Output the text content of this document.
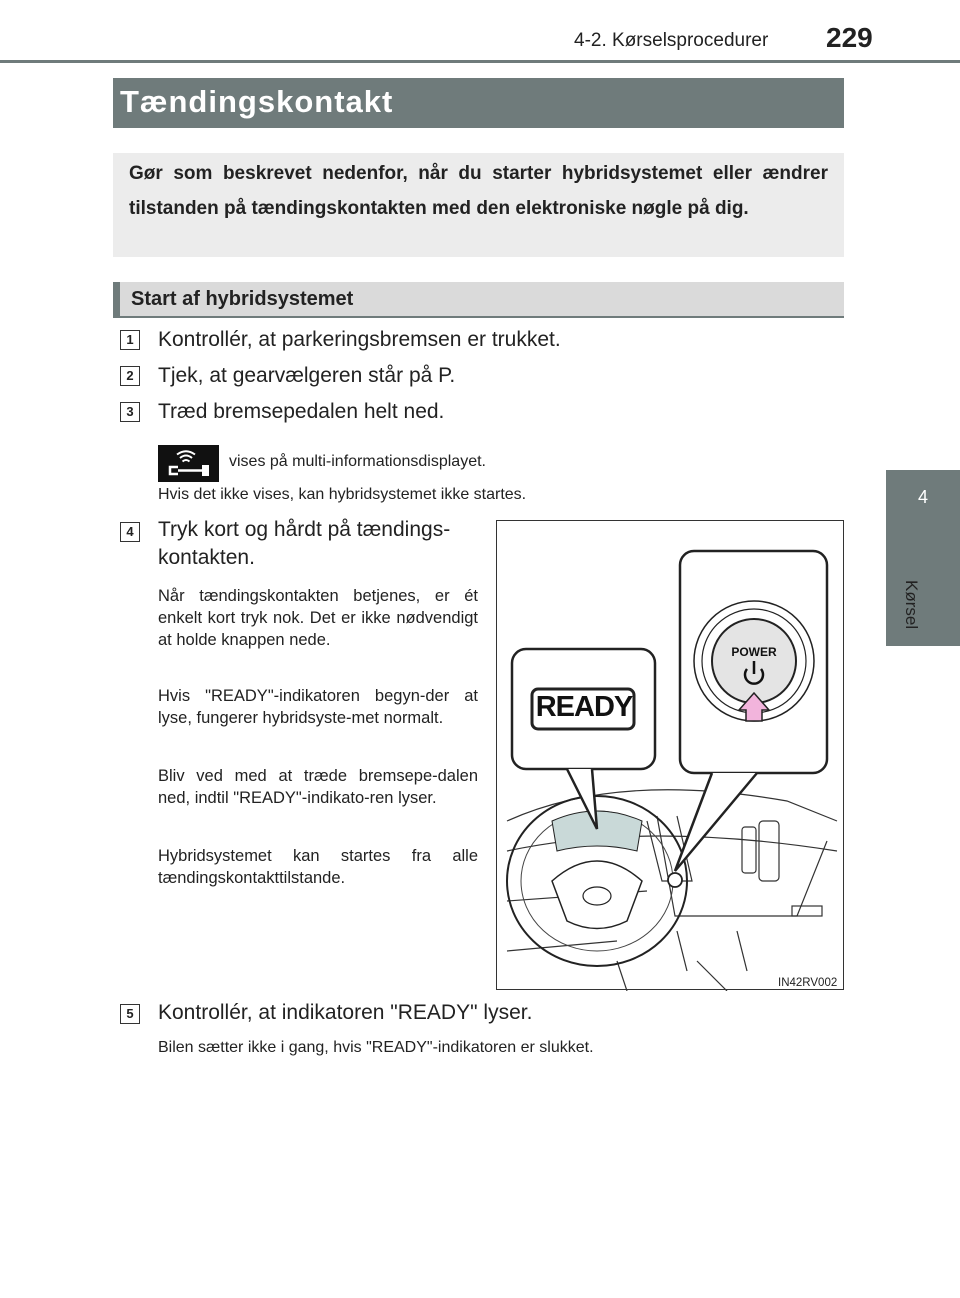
4-2. Kørselsprocedurer 229
4
Kørsel
Tændingskontakt
Gør som beskrevet nedenfor, når du starter hybridsystemet eller ændrer tilstanden på tændingskontakten med den elektroniske nøgle på dig.
Start af hybridsystemet
1	Kontrollér, at parkeringsbremsen er trukket.
2	Tjek, at gearvælgeren står på P.
3	Træd bremsepedalen helt ned.
vises på multi-informationsdisplayet.
Hvis det ikke vises, kan hybridsystemet ikke startes.
4	Tryk kort og hårdt på tændings-
kontakten.
Når tændingskontakten betjenes, er ét enkelt kort tryk nok. Det er ikke nødvendigt at holde knappen nede.
Hvis "READY"-indikatoren begyn-der at lyse, fungerer hybridsyste-met normalt.
Bliv ved med at træde bremsepe-dalen ned, indtil "READY"-indikato-ren lyser.
Hybridsystemet kan startes fra alle tændingskontakttilstande.
READY
POWER
IN42RV002
5	Kontrollér, at indikatoren "READY" lyser.
Bilen sætter ikke i gang, hvis "READY"-indikatoren er slukket.
